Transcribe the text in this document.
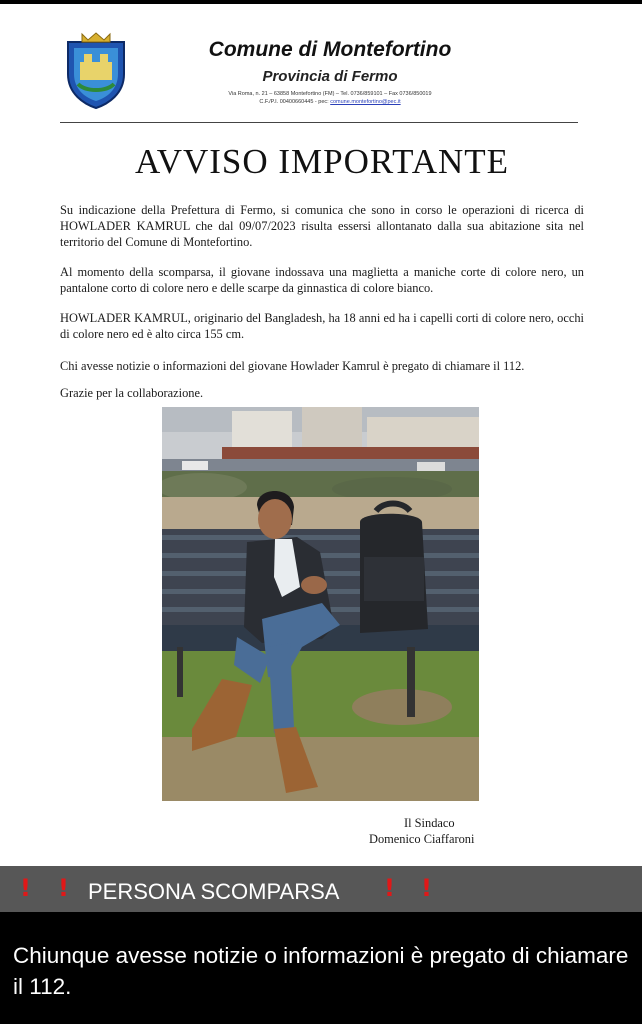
Comune di Montefortino
Provincia di Fermo
Via Roma, n. 21 – 63858 Montefortino (FM) – Tel. 0736/859101 – Fax 0736/850019
C.F./P.I. 00400660445 - pec: comune.montefortino@pec.it
AVVISO IMPORTANTE

Su indicazione della Prefettura di Fermo, si comunica che sono in corso le operazioni di ricerca di HOWLADER KAMRUL che dal 09/07/2023 risulta essersi allontanato dalla sua abitazione sita nel territorio del Comune di Montefortino.

Al momento della scomparsa, il giovane indossava una maglietta a maniche corte di colore nero, un pantalone corto di colore nero e delle scarpe da ginnastica di colore bianco.

HOWLADER KAMRUL, originario del Bangladesh, ha 18 anni ed ha i capelli corti di colore nero, occhi di colore nero ed è alto circa 155 cm.

Chi avesse notizie o informazioni del giovane Howlader Kamrul è pregato di chiamare il 112.

Grazie per la collaborazione.

Il Sindaco
Domenico Ciaffaroni
! ! PERSONA SCOMPARSA ! !

Chiunque avesse notizie o informazioni è pregato di chiamare il 112.
